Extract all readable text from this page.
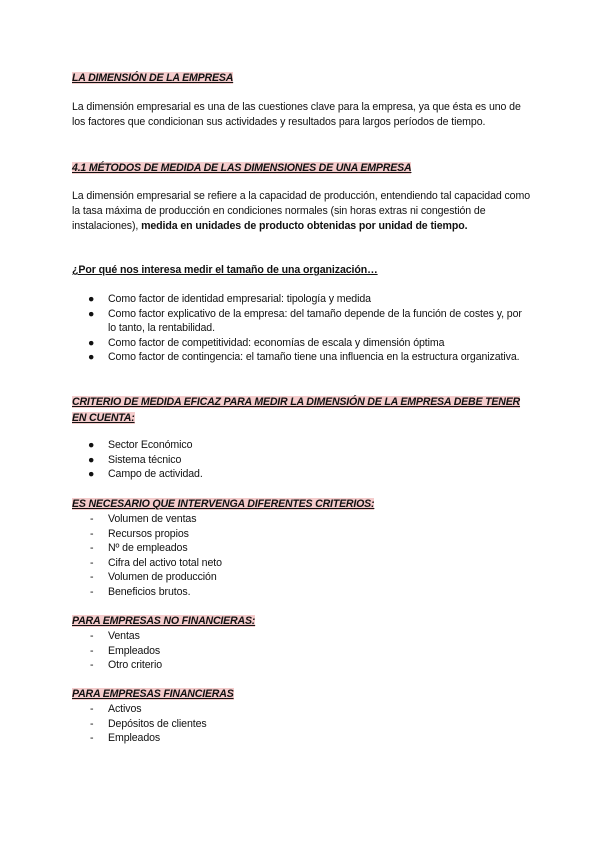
LA DIMENSIÓN DE LA EMPRESA

La dimensión empresarial es una de las cuestiones clave para la empresa, ya que ésta es uno de los factores que condicionan sus actividades y resultados para largos períodos de tiempo.

4.1 MÉTODOS DE MEDIDA DE LAS DIMENSIONES DE UNA EMPRESA

La dimensión empresarial se refiere a la capacidad de producción, entendiendo tal capacidad como la tasa máxima de producción en condiciones normales (sin horas extras ni congestión de instalaciones), medida en unidades de producto obtenidas por unidad de tiempo.

¿Por qué nos interesa medir el tamaño de una organización…

● Como factor de identidad empresarial: tipología y medida
● Como factor explicativo de la empresa: del tamaño depende de la función de costes y, por lo tanto, la rentabilidad.
● Como factor de competitividad: economías de escala y dimensión óptima
● Como factor de contingencia: el tamaño tiene una influencia en la estructura organizativa.
CRITERIO DE MEDIDA EFICAZ PARA MEDIR LA DIMENSIÓN DE LA EMPRESA DEBE TENER EN CUENTA:
● Sector Económico
● Sistema técnico
● Campo de actividad.
ES NECESARIO QUE INTERVENGA DIFERENTES CRITERIOS:
- Volumen de ventas
- Recursos propios
- Nº de empleados
- Cifra del activo total neto
- Volumen de producción
- Beneficios brutos.
PARA EMPRESAS NO FINANCIERAS:
- Ventas
- Empleados
- Otro criterio
PARA EMPRESAS FINANCIERAS
- Activos
- Depósitos de clientes
- Empleados
